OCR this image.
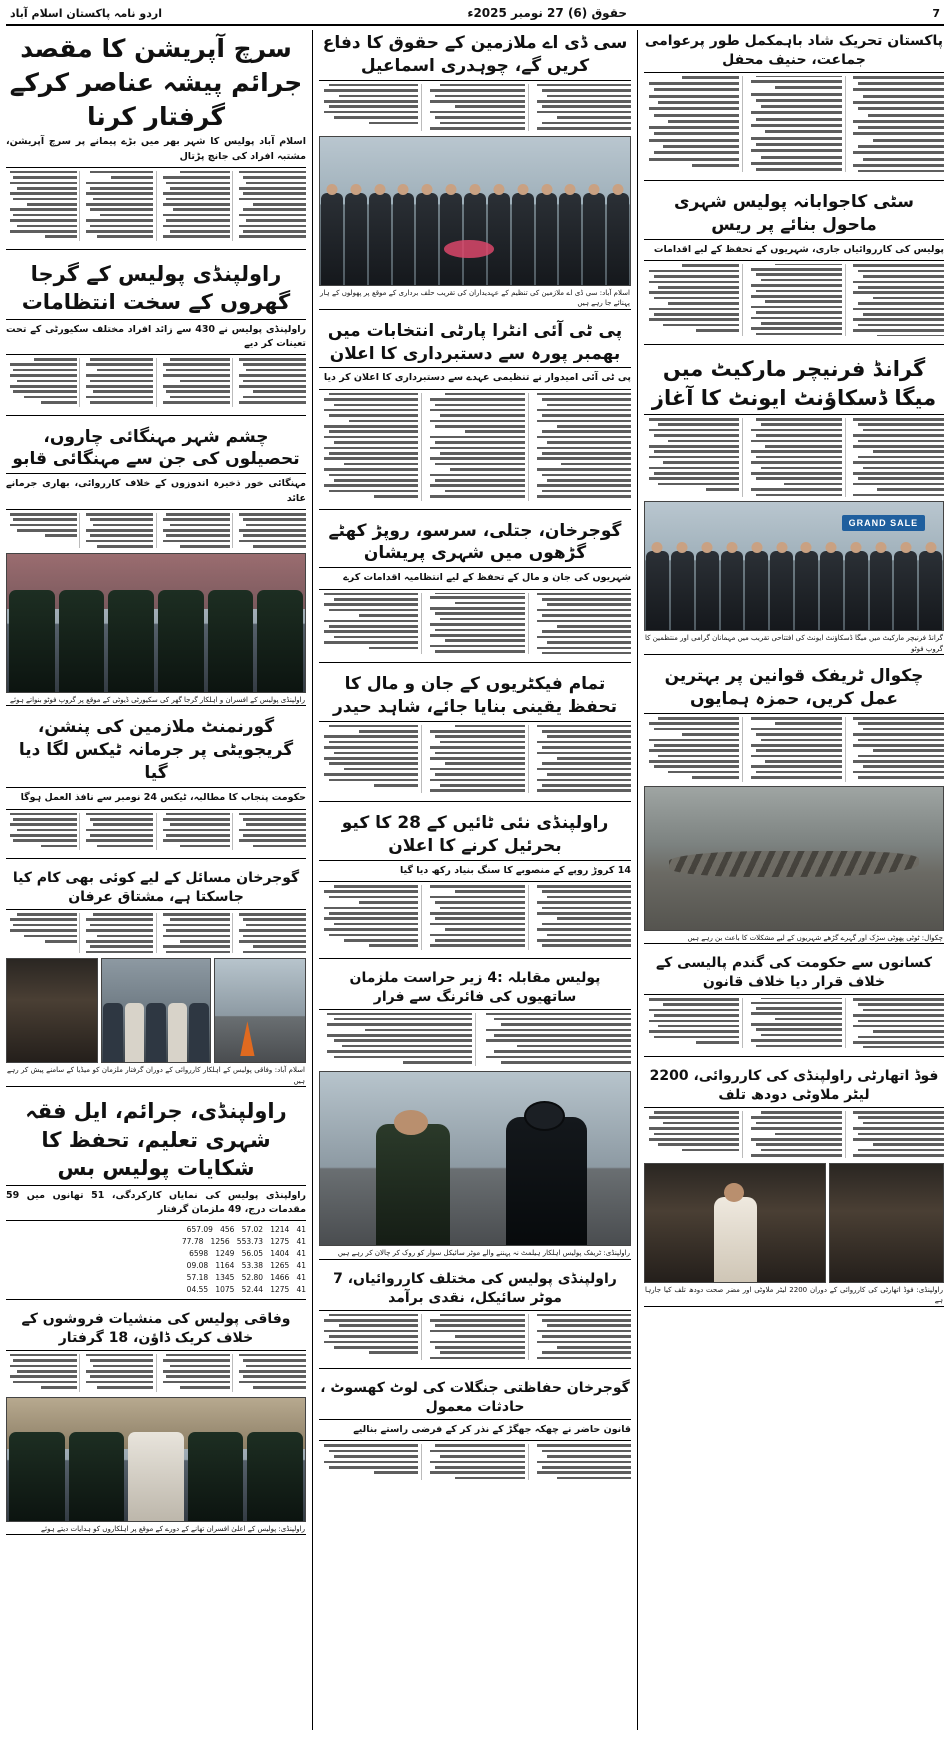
اردو نامہ پاکستان اسلام آباد	حقوق (6) 27 نومبر 2025ء	7
پاکستان تحریک شاد باہمکمل طور پرعوامی جماعت، حنیف محفل
سٹی کاجوابانہ پولیس شہری ماحول بنائے پر ریس
پولیس کی کارروائیاں جاری، شہریوں کے تحفظ کے لیے اقدامات
گرانڈ فرنیچر مارکیٹ میں میگا ڈسکاؤنٹ ایونٹ کا آغاز
GRAND SALE
گرانڈ فرنیچر مارکیٹ میں میگا ڈسکاؤنٹ ایونٹ کی افتتاحی تقریب میں مہمانان گرامی اور منتظمین کا گروپ فوٹو
چکوال ٹریفک قوانین پر بہترین عمل کریں، حمزہ ہمایوں
چکوال: ٹوٹی پھوٹی سڑک اور گہرے گڑھے شہریوں کے لیے مشکلات کا باعث بن رہے ہیں
کسانوں سے حکومت کی گندم پالیسی کے خلاف قرار دیا خلاف قانون
فوڈ اتھارٹی راولپنڈی کی کارروائی، 2200 لیٹر ملاوٹی دودھ تلف
راولپنڈی: فوڈ اتھارٹی کی کارروائی کے دوران 2200 لیٹر ملاوٹی اور مضر صحت دودھ تلف کیا جارہا ہے
سی ڈی اے ملازمین کے حقوق کا دفاع کریں گے، چوہدری اسماعیل
اسلام آباد: سی ڈی اے ملازمین کی تنظیم کے عہدیداران کی تقریب حلف برداری کے موقع پر پھولوں کے ہار پہنائے جا رہے ہیں
پی ٹی آئی انٹرا پارٹی انتخابات میں بھمبر پورہ سے دستبرداری کا اعلان
پی ٹی آئی امیدوار نے تنظیمی عہدے سے دستبرداری کا اعلان کر دیا
گوجرخان، جتلی، سرسو، روپڑ کھٹے گڑھوں میں شہری پریشان
شہریوں کی جان و مال کے تحفظ کے لیے انتظامیہ اقدامات کرے
تمام فیکٹریوں کے جان و مال کا تحفظ یقینی بنایا جائے، شاہد حیدر
راولپنڈی نئی ٹائیں کے 28 کا کیو بحرئیل کرنے کا اعلان
14 کروڑ روپے کے منصوبے کا سنگ بنیاد رکھ دیا گیا
پولیس مقابلہ :4 زیر حراست ملزمان ساتھیوں کی فائرنگ سے فرار
راولپنڈی: ٹریفک پولیس اہلکار ہیلمٹ نہ پہننے والے موٹر سائیکل سوار کو روک کر چالان کر رہے ہیں
راولپنڈی پولیس کی مختلف کارروائیاں، 7 موٹر سائیکل، نقدی برآمد
گوجرخان حفاظتی جنگلات کی لوٹ کھسوٹ ، حادثات معمول
قانون حاضر نے چھکہ جھگڑ کے نذر کر کے فرضی راستے بنالیے
سرچ آپریشن کا مقصد جرائم پیشہ عناصر کرکے گرفتار کرنا
اسلام آباد پولیس کا شہر بھر میں بڑے پیمانے پر سرچ آپریشن، مشتبہ افراد کی جانچ پڑتال
راولپنڈی پولیس کے گرجا گھروں کے سخت انتظامات
راولپنڈی پولیس نے 430 سے زائد افراد مختلف سکیورٹی کے تحت تعینات کر دیے
چشم شہر مہنگائی چاروں، تحصیلوں کی جن سے مہنگائی قابو
مہنگائی خور ذخیرہ اندوزوں کے خلاف کارروائی، بھاری جرمانے عائد
راولپنڈی پولیس کے افسران و اہلکار گرجا گھر کی سکیورٹی ڈیوٹی کے موقع پر گروپ فوٹو بنواتے ہوئے
گورنمنٹ ملازمین کی پنشن، گریجویٹی پر جرمانہ ٹیکس لگا دیا گیا
حکومت پنجاب کا مطالبہ، ٹیکس 24 نومبر سے نافذ العمل ہوگا
گوجرخان مسائل کے لیے کوئی بھی کام کیا جاسکتا ہے، مشتاق عرفان
اسلام آباد: وفاقی پولیس کے اہلکار کارروائی کے دوران گرفتار ملزمان کو میڈیا کے سامنے پیش کر رہے ہیں
راولپنڈی، جرائم، ایل فقہ شہری تعلیم، تحفظ کا شکایات پولیس بس
راولپنڈی پولیس کی نمایاں کارکردگی، 51 تھانوں میں 59 مقدمات درج، 49 ملزمان گرفتار
41   1214   57.02   456   657.09
41   1275   553.73   1256   77.78
41   1404   56.05   1249   6598
41   1265   53.38   1164   09.08
41   1466   52.80   1345   57.18
41   1275   52.44   1075   04.55
وفاقی پولیس کی منشیات فروشوں کے خلاف کریک ڈاؤن، 18 گرفتار
راولپنڈی: پولیس کے اعلیٰ افسران تھانے کے دورے کے موقع پر اہلکاروں کو ہدایات دیتے ہوئے
